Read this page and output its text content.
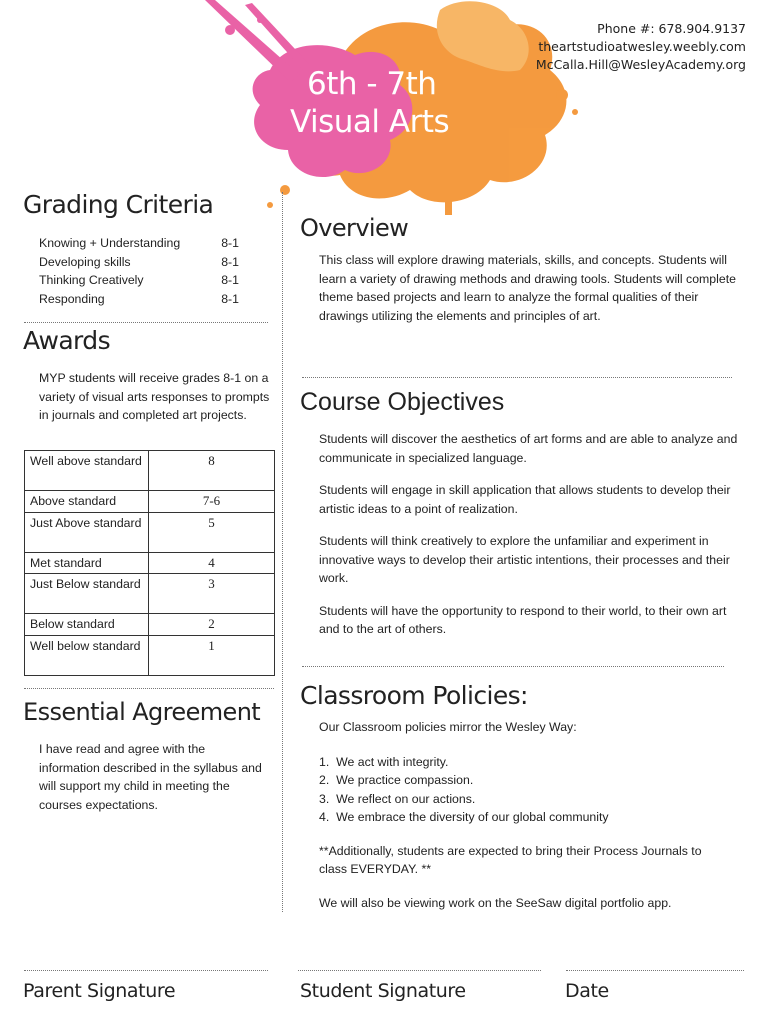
6th - 7th
Visual Arts
Phone #: 678.904.9137
theartstudioatwesley.weebly.com
McCalla.Hill@WesleyAcademy.org
Grading Criteria
Knowing + Understanding	8-1
Developing skills	8-1
Thinking Creatively	8-1
Responding	8-1
Awards
MYP students will receive grades 8-1 on a variety of visual arts responses to prompts in journals and completed art projects.
Well above standard	8
Above standard	7-6
Just Above standard	5
Met standard	4
Just Below standard	3
Below standard	2
Well below standard	1
Essential Agreement
I have read and agree with the information described in the syllabus and will support my child in meeting the courses expectations.
Overview
This class will explore drawing materials, skills, and concepts. Students will learn a variety of drawing methods and drawing tools. Students will complete theme based projects and learn to analyze the formal qualities of their drawings utilizing the elements and principles of art.
Course Objectives

Students will discover the aesthetics of art forms and are able to analyze and communicate in specialized language.

Students will engage in skill application that allows students to develop their artistic ideas to a point of realization.

Students will think creatively to explore the unfamiliar and experiment in innovative ways to develop their artistic intentions, their processes and their work.

Students will have the opportunity to respond to their world, to their own art and to the art of others.

Classroom Policies:

Our Classroom policies mirror the Wesley Way:

1.  We act with integrity.

2.  We practice compassion.

3.  We reflect on our actions.

4.  We embrace the diversity of our global community

**Additionally, students are expected to bring their Process Journals to class EVERYDAY. **

We will also be viewing work on the SeeSaw digital portfolio app.

Parent Signature	Student Signature	Date
